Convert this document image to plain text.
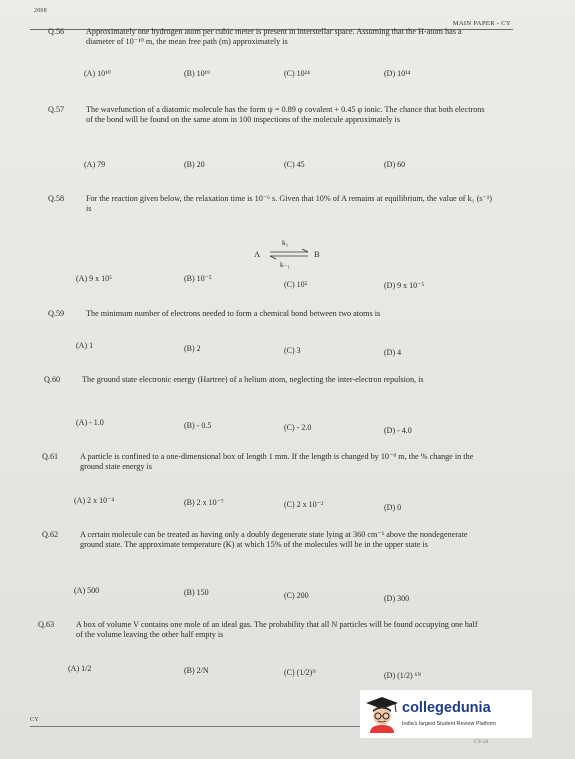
2008
MAIN PAPER - CY
Q.56	Approximately one hydrogen atom per cubic meter is present in interstellar space. Assuming that the H-atom has a diameter of 10⁻¹⁰ m, the mean free path (m) approximately is
(A) 10¹⁰	(B) 10¹⁹	(C) 10²⁴	(D) 10¹⁴
Q.57	The wavefunction of a diatomic molecule has the form ψ = 0.89 φ covalent + 0.45 φ ionic. The chance that both electrons of the bond will be found on the same atom in 100 inspections of the molecule approximately is
(A) 79	(B) 20	(C) 45	(D) 60
Q.58	For the reaction given below, the relaxation time is 10⁻⁶ s. Given that 10% of A remains at equilibrium, the value of k₁ (s⁻¹) is
A	B
k₁
k₋₁
(A) 9 x 10⁵	(B) 10⁻⁵
(C) 10⁵	(D) 9 x 10⁻⁵
Q.59	The minimum number of electrons needed to form a chemical bond between two atoms is
(A) 1	(B) 2	(C) 3	(D) 4
Q.60	The ground state electronic energy (Hartree) of a helium atom, neglecting the inter-electron repulsion, is
(A) - 1.0	(B) - 0.5	(C) - 2.0	(D) - 4.0
Q.61	A particle is confined to a one-dimensional box of length 1 mm. If the length is changed by 10⁻⁹ m, the % change in the ground state energy is
(A) 2 x 10⁻⁴	(B) 2 x 10⁻⁷	(C) 2 x 10⁻²	(D) 0
Q.62	A certain molecule can be treated as having only a doubly degenerate state lying at 360 cm⁻¹ above the nondegenerate ground state. The approximate temperature (K) at which 15% of the molecules will be in the upper state is
(A) 500	(B) 150	(C) 200	(D) 300
Q.63	A box of volume V contains one mole of an ideal gas. The probability that all N particles will be found occupying one half of the volume leaving the other half empty is
(A) 1/2	(B) 2/N	(C) (1/2)ᴺ	(D) (1/2) ⁶ᴺ
CY
CY-24
collegedunia
India's largest Student Review Platform
